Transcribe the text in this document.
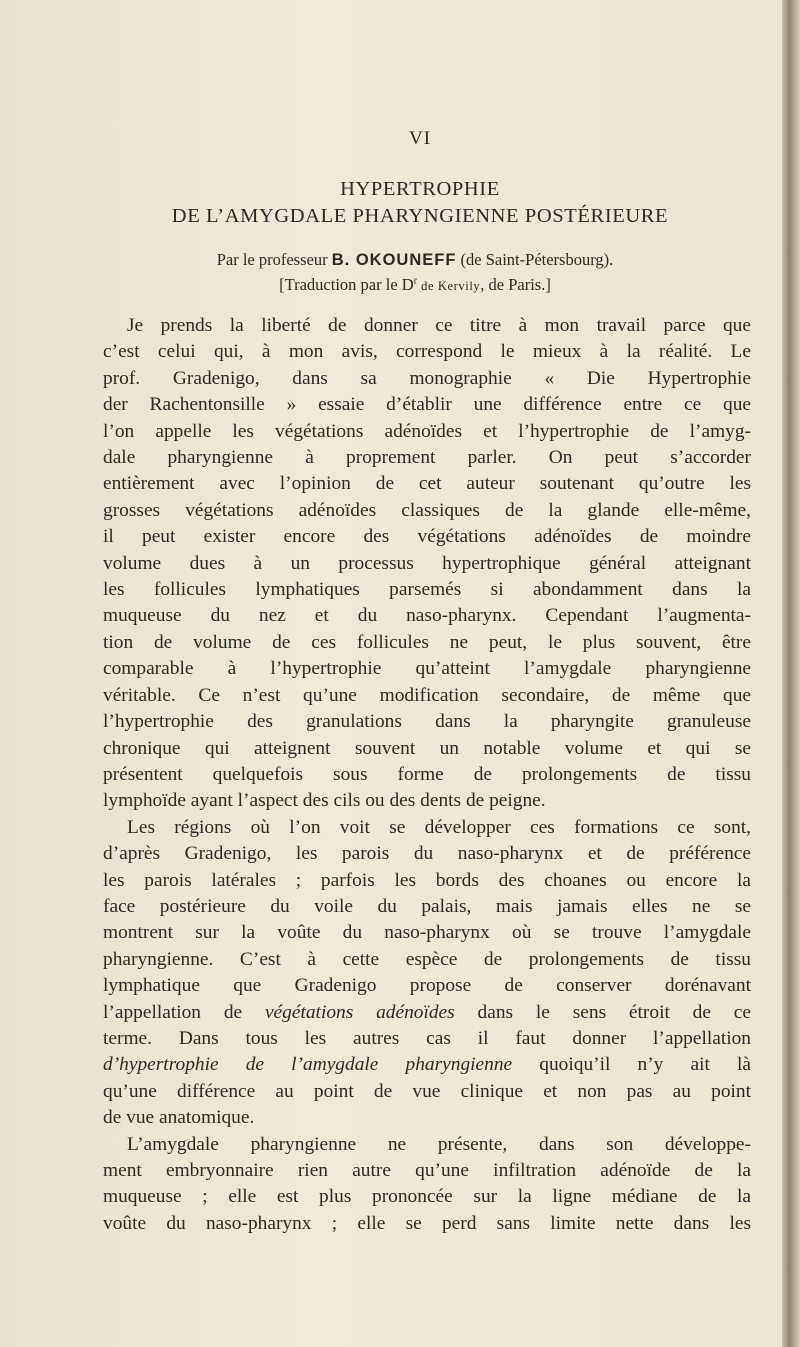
VI
HYPERTROPHIE
DE L’AMYGDALE PHARYNGIENNE POSTÉRIEURE
Par le professeur B. OKOUNEFF (de Saint-Pétersbourg).
[Traduction par le $D^r$ de Kervily, de Paris.]
Je prends la liberté de donner ce titre à mon travail parce que
c’est celui qui, à mon avis, correspond le mieux à la réalité. Le
prof. Gradenigo, dans sa monographie « Die Hypertrophie
der Rachentonsille » essaie d’établir une différence entre ce que
l’on appelle les végétations adénoïdes et l’hypertrophie de l’amyg-
dale pharyngienne à proprement parler. On peut s’accorder
entièrement avec l’opinion de cet auteur soutenant qu’outre les
grosses végétations adénoïdes classiques de la glande elle-même,
il peut exister encore des végétations adénoïdes de moindre
volume dues à un processus hypertrophique général atteignant
les follicules lymphatiques parsemés si abondamment dans la
muqueuse du nez et du naso-pharynx. Cependant l’augmenta-
tion de volume de ces follicules ne peut, le plus souvent, être
comparable à l’hypertrophie qu’atteint l’amygdale pharyngienne
véritable. Ce n’est qu’une modification secondaire, de même que
l’hypertrophie des granulations dans la pharyngite granuleuse
chronique qui atteignent souvent un notable volume et qui se
présentent quelquefois sous forme de prolongements de tissu
lymphoïde ayant l’aspect des cils ou des dents de peigne.
Les régions où l’on voit se développer ces formations ce sont,
d’après Gradenigo, les parois du naso-pharynx et de préférence
les parois latérales ; parfois les bords des choanes ou encore la
face postérieure du voile du palais, mais jamais elles ne se
montrent sur la voûte du naso-pharynx où se trouve l’amygdale
pharyngienne. C’est à cette espèce de prolongements de tissu
lymphatique que Gradenigo propose de conserver dorénavant
l’appellation de végétations adénoïdes dans le sens étroit de ce
terme. Dans tous les autres cas il faut donner l’appellation
d’hypertrophie de l’amygdale pharyngienne quoiqu’il n’y ait là
qu’une différence au point de vue clinique et non pas au point
de vue anatomique.
L’amygdale pharyngienne ne présente, dans son développe-
ment embryonnaire rien autre qu’une infiltration adénoïde de la
muqueuse ; elle est plus prononcée sur la ligne médiane de la
voûte du naso-pharynx ; elle se perd sans limite nette dans les
